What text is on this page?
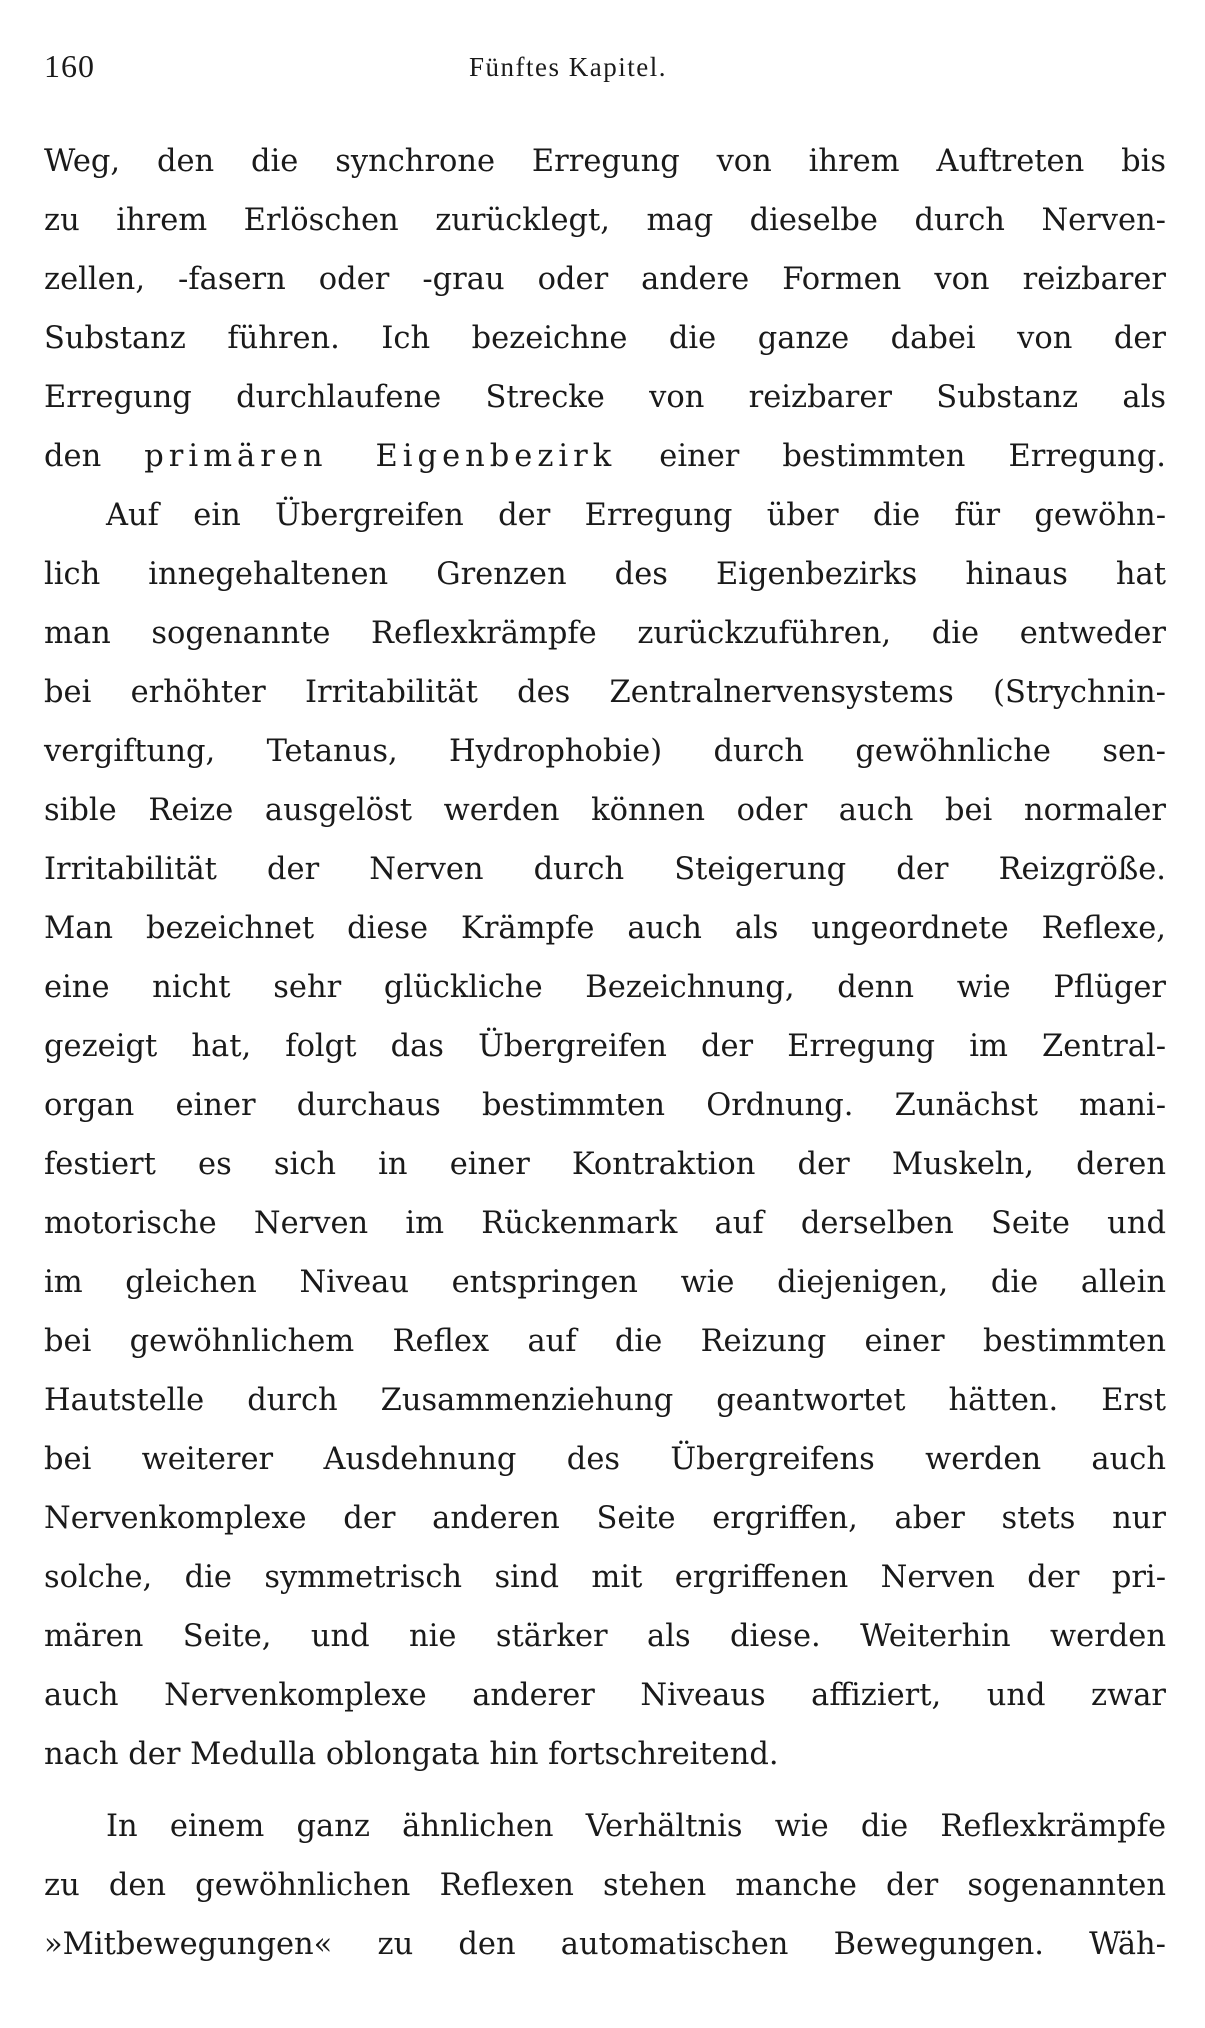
160	Fünftes Kapitel.
Weg, den die synchrone Erregung von ihrem Auftreten bis
zu ihrem Erlöschen zurücklegt, mag dieselbe durch Nerven-
zellen, -fasern oder -grau oder andere Formen von reizbarer
Substanz führen. Ich bezeichne die ganze dabei von der
Erregung durchlaufene Strecke von reizbarer Substanz als
den primären Eigenbezirk einer bestimmten Erregung.
Auf ein Übergreifen der Erregung über die für gewöhn-
lich innegehaltenen Grenzen des Eigenbezirks hinaus hat
man sogenannte Reflexkrämpfe zurückzuführen, die entweder
bei erhöhter Irritabilität des Zentralnervensystems (Strychnin-
vergiftung, Tetanus, Hydrophobie) durch gewöhnliche sen-
sible Reize ausgelöst werden können oder auch bei normaler
Irritabilität der Nerven durch Steigerung der Reizgröße.
Man bezeichnet diese Krämpfe auch als ungeordnete Reflexe,
eine nicht sehr glückliche Bezeichnung, denn wie Pflüger
gezeigt hat, folgt das Übergreifen der Erregung im Zentral-
organ einer durchaus bestimmten Ordnung. Zunächst mani-
festiert es sich in einer Kontraktion der Muskeln, deren
motorische Nerven im Rückenmark auf derselben Seite und
im gleichen Niveau entspringen wie diejenigen, die allein
bei gewöhnlichem Reflex auf die Reizung einer bestimmten
Hautstelle durch Zusammenziehung geantwortet hätten. Erst
bei weiterer Ausdehnung des Übergreifens werden auch
Nervenkomplexe der anderen Seite ergriffen, aber stets nur
solche, die symmetrisch sind mit ergriffenen Nerven der pri-
mären Seite, und nie stärker als diese. Weiterhin werden
auch Nervenkomplexe anderer Niveaus affiziert, und zwar
nach der Medulla oblongata hin fortschreitend.
In einem ganz ähnlichen Verhältnis wie die Reflexkrämpfe
zu den gewöhnlichen Reflexen stehen manche der sogenannten
»Mitbewegungen« zu den automatischen Bewegungen. Wäh-
